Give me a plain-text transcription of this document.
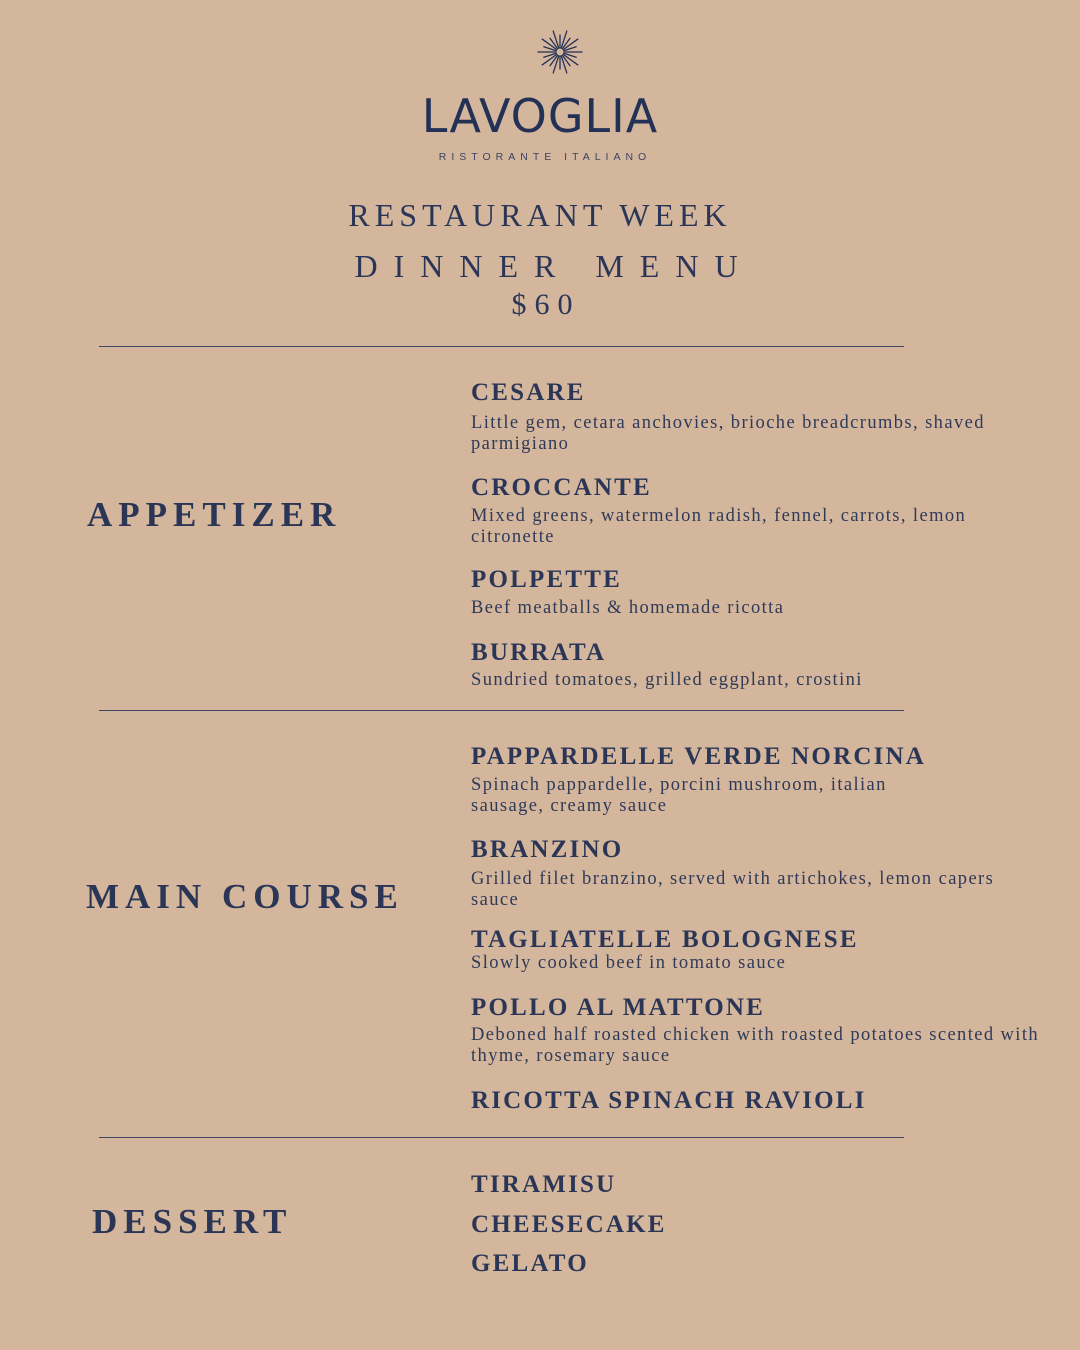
LAVOGLIA
RISTORANTE ITALIANO
RESTAURANT WEEK
DINNER MENU
$60
APPETIZER
CESARE
Little gem, cetara anchovies, brioche breadcrumbs, shaved parmigiano
CROCCANTE
Mixed greens, watermelon radish, fennel, carrots, lemon citronette
POLPETTE
Beef meatballs & homemade ricotta
BURRATA
Sundried tomatoes, grilled eggplant, crostini
MAIN COURSE
PAPPARDELLE VERDE NORCINA
Spinach pappardelle, porcini mushroom, italian sausage, creamy sauce
BRANZINO
Grilled filet branzino, served with artichokes, lemon capers sauce
TAGLIATELLE BOLOGNESE
Slowly cooked beef in tomato sauce
POLLO AL MATTONE
Deboned half roasted chicken with roasted potatoes scented with thyme, rosemary sauce
RICOTTA SPINACH RAVIOLI
DESSERT
TIRAMISU
CHEESECAKE
GELATO
